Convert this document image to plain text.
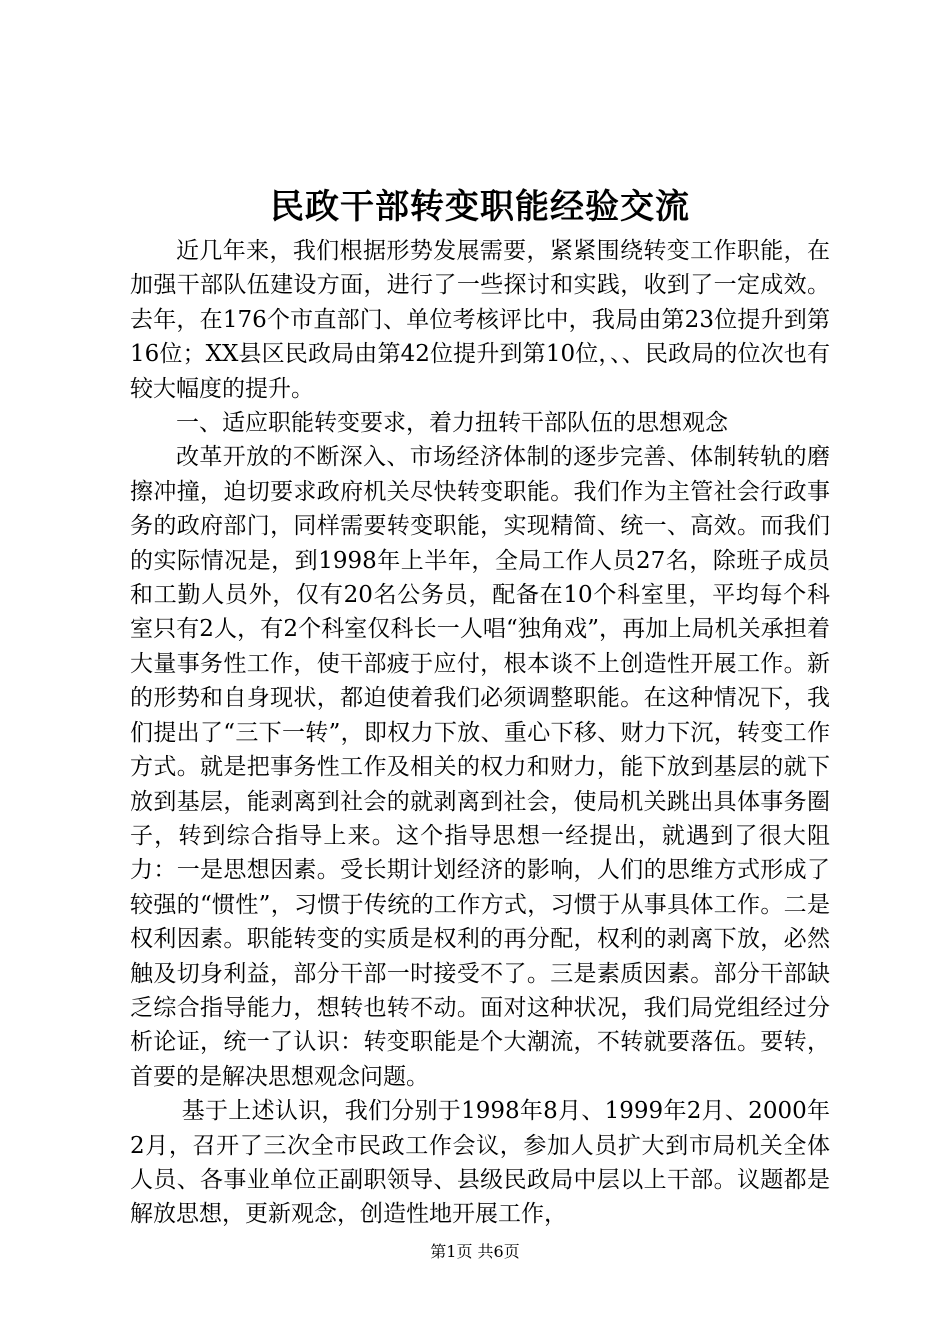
民政干部转变职能经验交流

近几年来，我们根据形势发展需要，紧紧围绕转变工作职能，在加强干部队伍建设方面，进行了一些探讨和实践，收到了一定成效。去年，在176个市直部门、单位考核评比中，我局由第23位提升到第16位；XX县区民政局由第42位提升到第10位，、、民政局的位次也有较大幅度的提升。

一、适应职能转变要求，着力扭转干部队伍的思想观念

改革开放的不断深入、市场经济体制的逐步完善、体制转轨的磨擦冲撞，迫切要求政府机关尽快转变职能。我们作为主管社会行政事务的政府部门，同样需要转变职能，实现精简、统一、高效。而我们的实际情况是，到1998年上半年，全局工作人员27名，除班子成员和工勤人员外，仅有20名公务员，配备在10个科室里，平均每个科室只有2人，有2个科室仅科长一人唱“独角戏”，再加上局机关承担着大量事务性工作，使干部疲于应付，根本谈不上创造性开展工作。新的形势和自身现状，都迫使着我们必须调整职能。在这种情况下，我们提出了“三下一转”，即权力下放、重心下移、财力下沉，转变工作方式。就是把事务性工作及相关的权力和财力，能下放到基层的就下放到基层，能剥离到社会的就剥离到社会，使局机关跳出具体事务圈子，转到综合指导上来。这个指导思想一经提出，就遇到了很大阻力：一是思想因素。受长期计划经济的影响，人们的思维方式形成了较强的“惯性”，习惯于传统的工作方式，习惯于从事具体工作。二是权利因素。职能转变的实质是权利的再分配，权利的剥离下放，必然触及切身利益，部分干部一时接受不了。三是素质因素。部分干部缺乏综合指导能力，想转也转不动。面对这种状况，我们局党组经过分析论证，统一了认识：转变职能是个大潮流，不转就要落伍。要转，首要的是解决思想观念问题。

基于上述认识，我们分别于1998年8月、1999年2月、2000年2月，召开了三次全市民政工作会议，参加人员扩大到市局机关全体人员、各事业单位正副职领导、县级民政局中层以上干部。议题都是解放思想，更新观念，创造性地开展工作，

第1页 共6页
